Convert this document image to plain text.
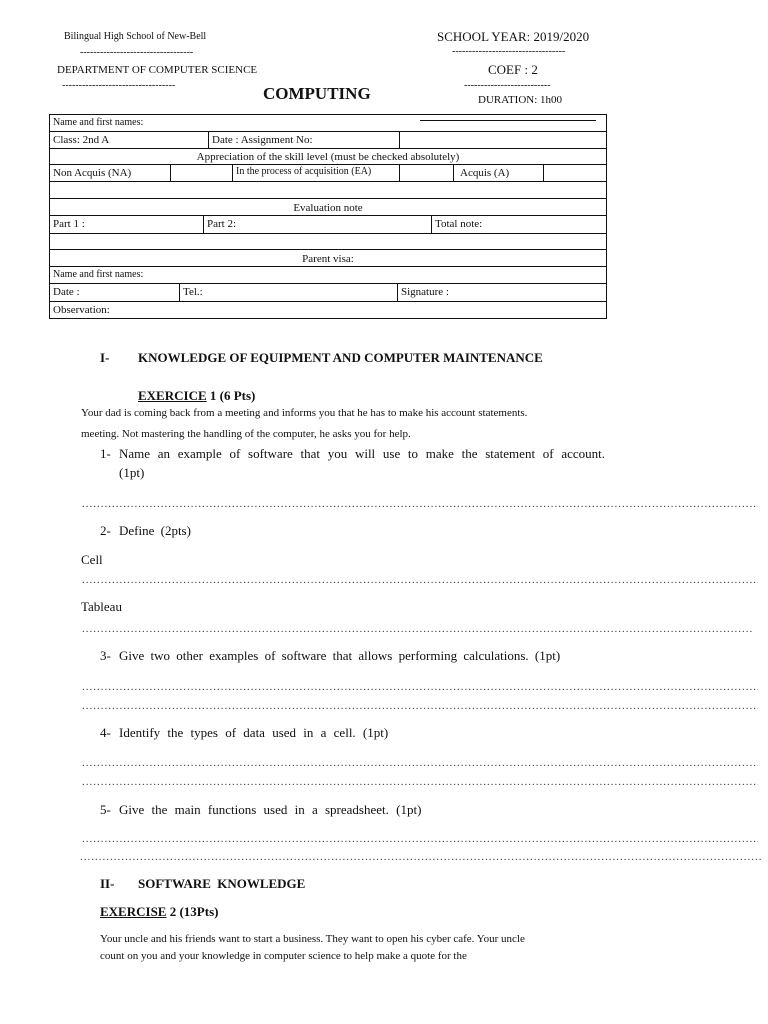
Bilingual High School of New-Bell
----------------------------------
DEPARTMENT OF COMPUTER SCIENCE
----------------------------------	COMPUTING
SCHOOL YEAR: 2019/2020
----------------------------------
COEF : 2
--------------------------
DURATION: 1h00
Name and first names:
Class: 2nd A	Date : Assignment No:
Appreciation of the skill level (must be checked absolutely)
Non Acquis (NA)	In the process of acquisition (EA)	Acquis (A)
Evaluation note
Part 1 :	Part 2:	Total note:
Parent visa:
Name and first names:
Date :	Tel.:	Signature :
Observation:
I- KNOWLEDGE OF EQUIPMENT AND COMPUTER MAINTENANCE
EXERCICE 1 (6 Pts)
Your dad is coming back from a meeting and informs you that he has to make his account statements.
meeting. Not mastering the handling of the computer, he asks you for help.
1- Name an example of software that you will use to make the statement of account.
(1pt)
.....
2- Define (2pts)
Cell
.....
Tableau
.....
3- Give two other examples of software that allows performing calculations. (1pt)
.....
.....
4- Identify the types of data used in a cell. (1pt)
.....
.....
5- Give the main functions used in a spreadsheet. (1pt)
.....
.....
II- SOFTWARE KNOWLEDGE
EXERCISE 2 (13Pts)
Your uncle and his friends want to start a business. They want to open his cyber cafe. Your uncle
count on you and your knowledge in computer science to help make a quote for the
